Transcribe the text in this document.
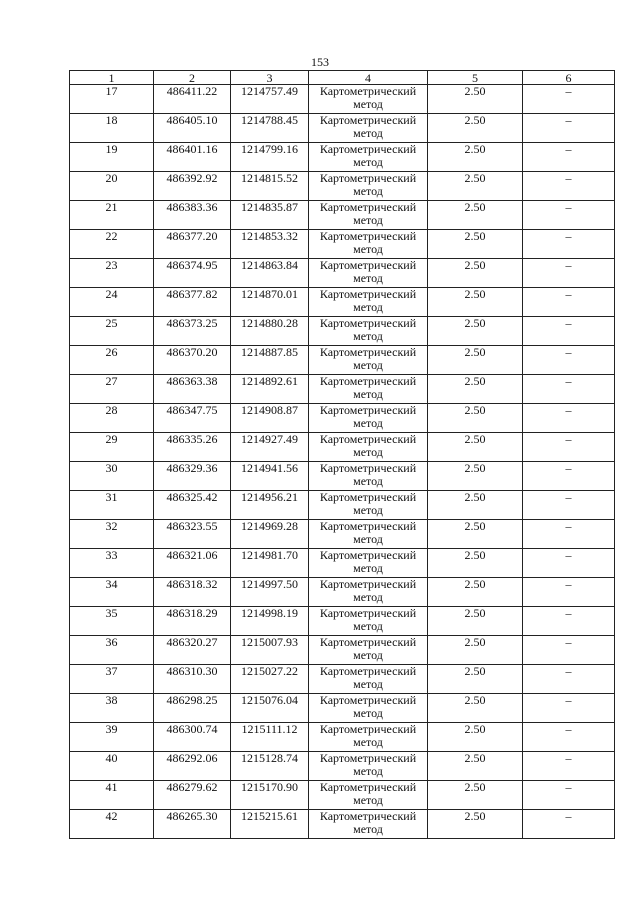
153
1	2	3	4	5	6
17	486411.22	1214757.49	Картометрический метод	2.50	–
18	486405.10	1214788.45	Картометрический метод	2.50	–
19	486401.16	1214799.16	Картометрический метод	2.50	–
20	486392.92	1214815.52	Картометрический метод	2.50	–
21	486383.36	1214835.87	Картометрический метод	2.50	–
22	486377.20	1214853.32	Картометрический метод	2.50	–
23	486374.95	1214863.84	Картометрический метод	2.50	–
24	486377.82	1214870.01	Картометрический метод	2.50	–
25	486373.25	1214880.28	Картометрический метод	2.50	–
26	486370.20	1214887.85	Картометрический метод	2.50	–
27	486363.38	1214892.61	Картометрический метод	2.50	–
28	486347.75	1214908.87	Картометрический метод	2.50	–
29	486335.26	1214927.49	Картометрический метод	2.50	–
30	486329.36	1214941.56	Картометрический метод	2.50	–
31	486325.42	1214956.21	Картометрический метод	2.50	–
32	486323.55	1214969.28	Картометрический метод	2.50	–
33	486321.06	1214981.70	Картометрический метод	2.50	–
34	486318.32	1214997.50	Картометрический метод	2.50	–
35	486318.29	1214998.19	Картометрический метод	2.50	–
36	486320.27	1215007.93	Картометрический метод	2.50	–
37	486310.30	1215027.22	Картометрический метод	2.50	–
38	486298.25	1215076.04	Картометрический метод	2.50	–
39	486300.74	1215111.12	Картометрический метод	2.50	–
40	486292.06	1215128.74	Картометрический метод	2.50	–
41	486279.62	1215170.90	Картометрический метод	2.50	–
42	486265.30	1215215.61	Картометрический метод	2.50	–
